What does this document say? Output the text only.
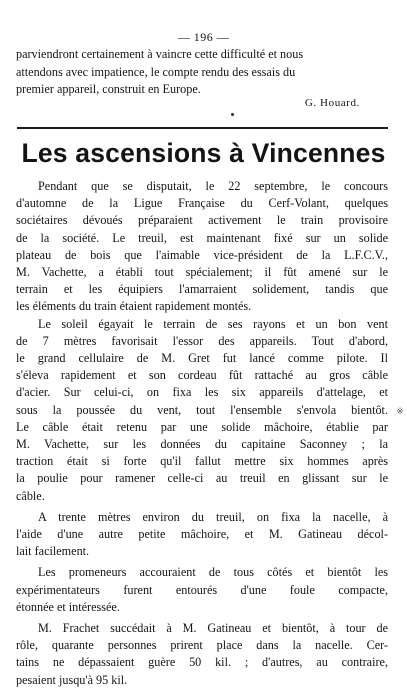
— 196 —
parviendront certainement à vaincre cette difficulté et nous
attendons avec impatience, le compte rendu des essais du
premier appareil, construit en Europe.
G. Houard.
Les ascensions à Vincennes
Pendant que se disputait, le 22 septembre, le concours
d'automne de la Ligue Française du Cerf-Volant, quelques
sociétaires dévoués préparaient activement le train provisoire
de la société. Le treuil, est maintenant fixé sur un solide
plateau de bois que l'aimable vice-président de la L.F.C.V.,
M. Vachette, a établi tout spécialement; il fût amené sur le
terrain et les équipiers l'amarraient solidement, tandis que
les éléments du train étaient rapidement montés.
Le soleil égayait le terrain de ses rayons et un bon vent
de 7 mètres favorisait l'essor des appareils. Tout d'abord,
le grand cellulaire de M. Gret fut lancé comme pilote. Il
s'éleva rapidement et son cordeau fût rattaché au gros câble
d'acier. Sur celui-ci, on fixa les six appareils d'attelage, et
sous la poussée du vent, tout l'ensemble s'envola bientôt.
Le câble était retenu par une solide mâchoire, établie par
M. Vachette, sur les données du capitaine Saconney ; la
traction était si forte qu'il fallut mettre six hommes après
la poulie pour ramener celle-ci au treuil en glissant sur le
câble.
A trente mètres environ du treuil, on fixa la nacelle, à
l'aide d'une autre petite mâchoire, et M. Gatineau décol-
lait facilement.
Les promeneurs accouraient de tous côtés et bientôt les
expérimentateurs furent entourés d'une foule compacte,
étonnée et intéressée.
M. Frachet succédait à M. Gatineau et bientôt, à tour de
rôle, quarante personnes prirent place dans la nacelle. Cer-
tains ne dépassaient guère 50 kil. ; d'autres, au contraire,
pesaient jusqu'à 95 kil.
※
